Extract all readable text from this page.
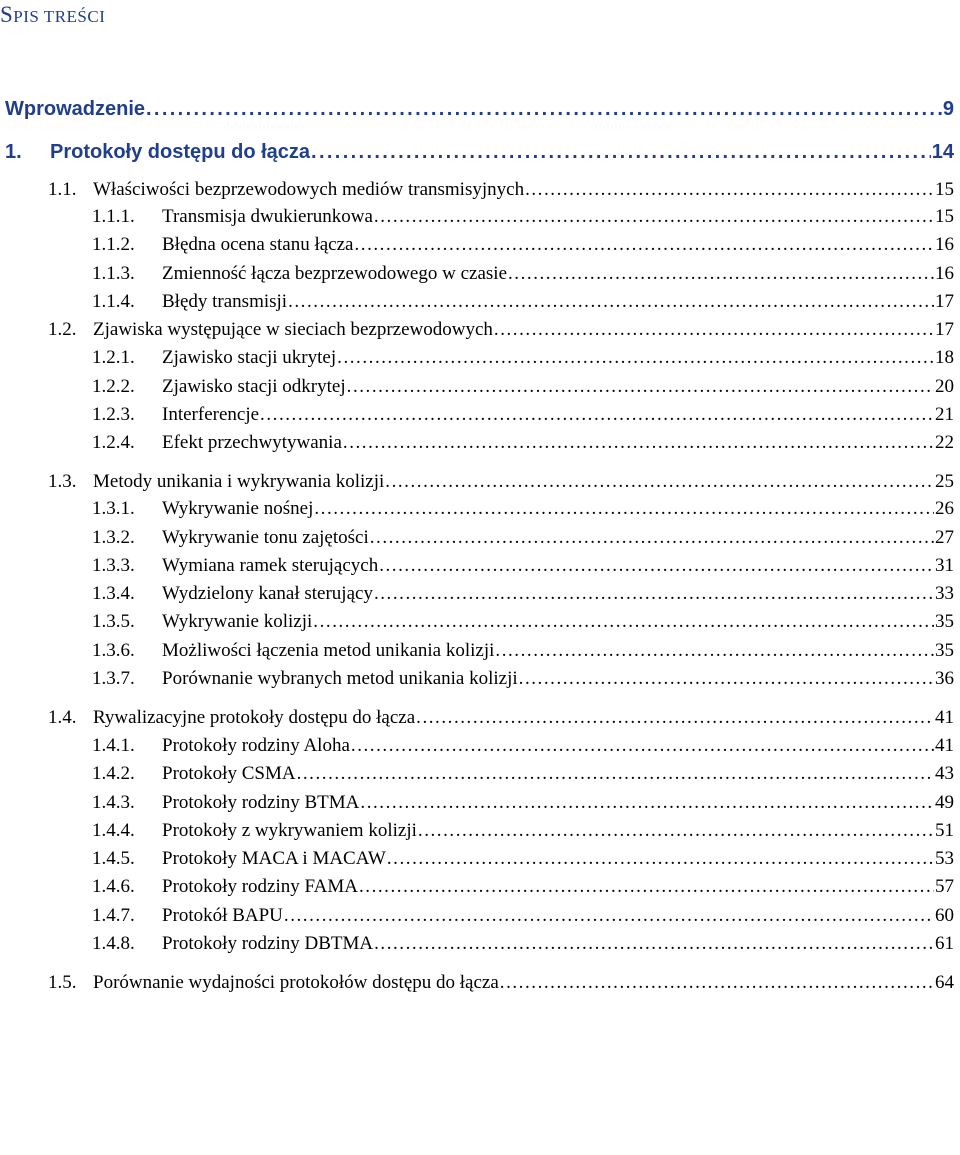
SPIS TREŚCI
Wprowadzenie . . .	9
1.	Protokoły dostępu do łącza . . .	14
1.1. Właściwości bezprzewodowych mediów transmisyjnych . . .	15
1.1.1.	Transmisja dwukierunkowa . . .	15
1.1.2.	Błędna ocena stanu łącza . . .	16
1.1.3.	Zmienność łącza bezprzewodowego w czasie . . .	16
1.1.4.	Błędy transmisji . . .	17
1.2. Zjawiska występujące w sieciach bezprzewodowych . . .	17
1.2.1.	Zjawisko stacji ukrytej . . .	18
1.2.2.	Zjawisko stacji odkrytej . . .	20
1.2.3.	Interferencje . . .	21
1.2.4.	Efekt przechwytywania . . .	22
1.3. Metody unikania i wykrywania kolizji . . .	25
1.3.1.	Wykrywanie nośnej . . .	26
1.3.2.	Wykrywanie tonu zajętości . . .	27
1.3.3.	Wymiana ramek sterujących . . .	31
1.3.4.	Wydzielony kanał sterujący . . .	33
1.3.5.	Wykrywanie kolizji . . .	35
1.3.6.	Możliwości łączenia metod unikania kolizji . . .	35
1.3.7.	Porównanie wybranych metod unikania kolizji . . .	36
1.4. Rywalizacyjne protokoły dostępu do łącza . . .	41
1.4.1.	Protokoły rodziny Aloha . . .	41
1.4.2.	Protokoły CSMA . . .	43
1.4.3.	Protokoły rodziny BTMA . . .	49
1.4.4.	Protokoły z wykrywaniem kolizji . . .	51
1.4.5.	Protokoły MACA i MACAW . . .	53
1.4.6.	Protokoły rodziny FAMA . . .	57
1.4.7.	Protokół BAPU . . .	60
1.4.8.	Protokoły rodziny DBTMA . . .	61
1.5. Porównanie wydajności protokołów dostępu do łącza . . .	64
